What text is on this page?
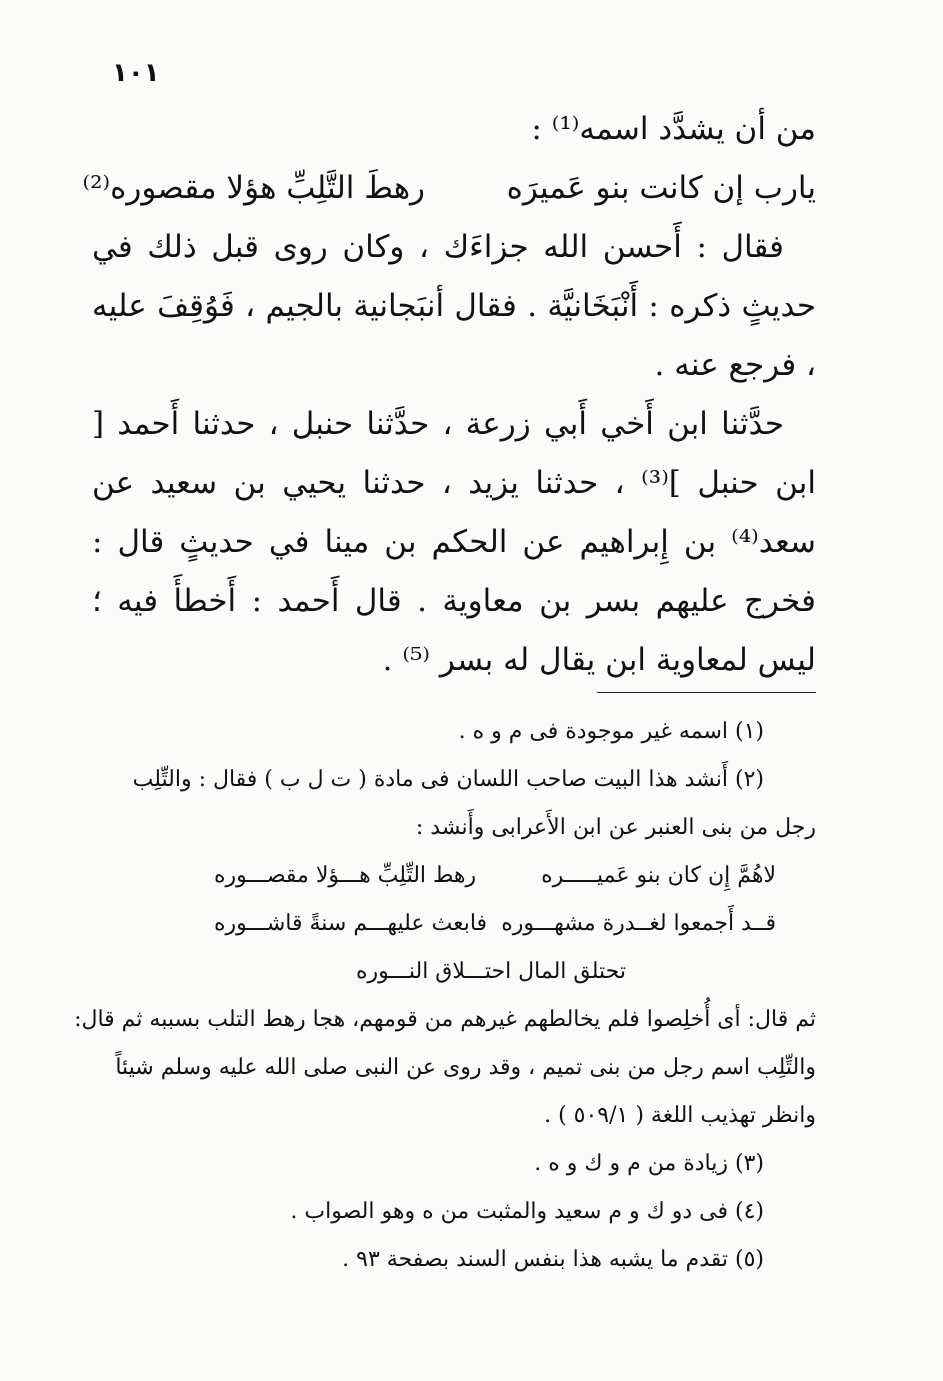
١٠١

من أن يشدَّد اسمه⁽¹⁾ :

يارب إن كانت بنو عَميرَه
رهطَ التَّلِبِّ هؤلا مقصوره⁽²⁾

فقال : أَحسن الله جزاءَك ، وكان روى قبل ذلك في حديثٍ ذكره : أَنْبَخَانيَّة . فقال أنبَجانية بالجيم ، فَوُقِفَ عليه ، فرجع عنه .

حدَّثنا ابن أَخي أَبي زرعة ، حدَّثنا حنبل ، حدثنا أَحمد [ ابن حنبل ]⁽³⁾ ، حدثنا يزيد ، حدثنا يحيي بن سعيد عن سعد⁽⁴⁾ بن إِبراهيم عن الحكم بن مينا في حديثٍ قال : فخرج عليهم بسر بن معاوية . قال أَحمد : أَخطأَ فيه ؛ ليس لمعاوية ابن يقال له بسر ⁽⁵⁾ .

(١) اسمه غير موجودة فى م و ه .

(٢) أَنشد هذا البيت صاحب اللسان فى مادة ( ت ل ب ) فقال : والتِّلِب

رجل من بنى العنبر عن ابن الأَعرابى وأَنشد :

لاهُمَّ إِن كان بنو عَميـــــره
رهط التِّلِبِّ هـــؤلا مقصـــوره
قــد أَجمعوا لغــدرة مشهـــوره
فابعث عليهـــم سنةً قاشـــوره

تحتلق المال احتـــلاق النـــوره

ثم قال: أى أُخلِصوا فلم يخالطهم غيرهم من قومهم، هجا رهط التلب بسببه ثم قال:

والتِّلِب اسم رجل من بنى تميم ، وقد روى عن النبى صلى الله عليه وسلم شيئاً

وانظر تهذيب اللغة ( ٥٠٩/١ ) .

(٣) زيادة من م و ك و ه .

(٤) فى دو ك و م سعيد والمثبت من ه وهو الصواب .

(٥) تقدم ما يشبه هذا بنفس السند بصفحة ٩٣ .
